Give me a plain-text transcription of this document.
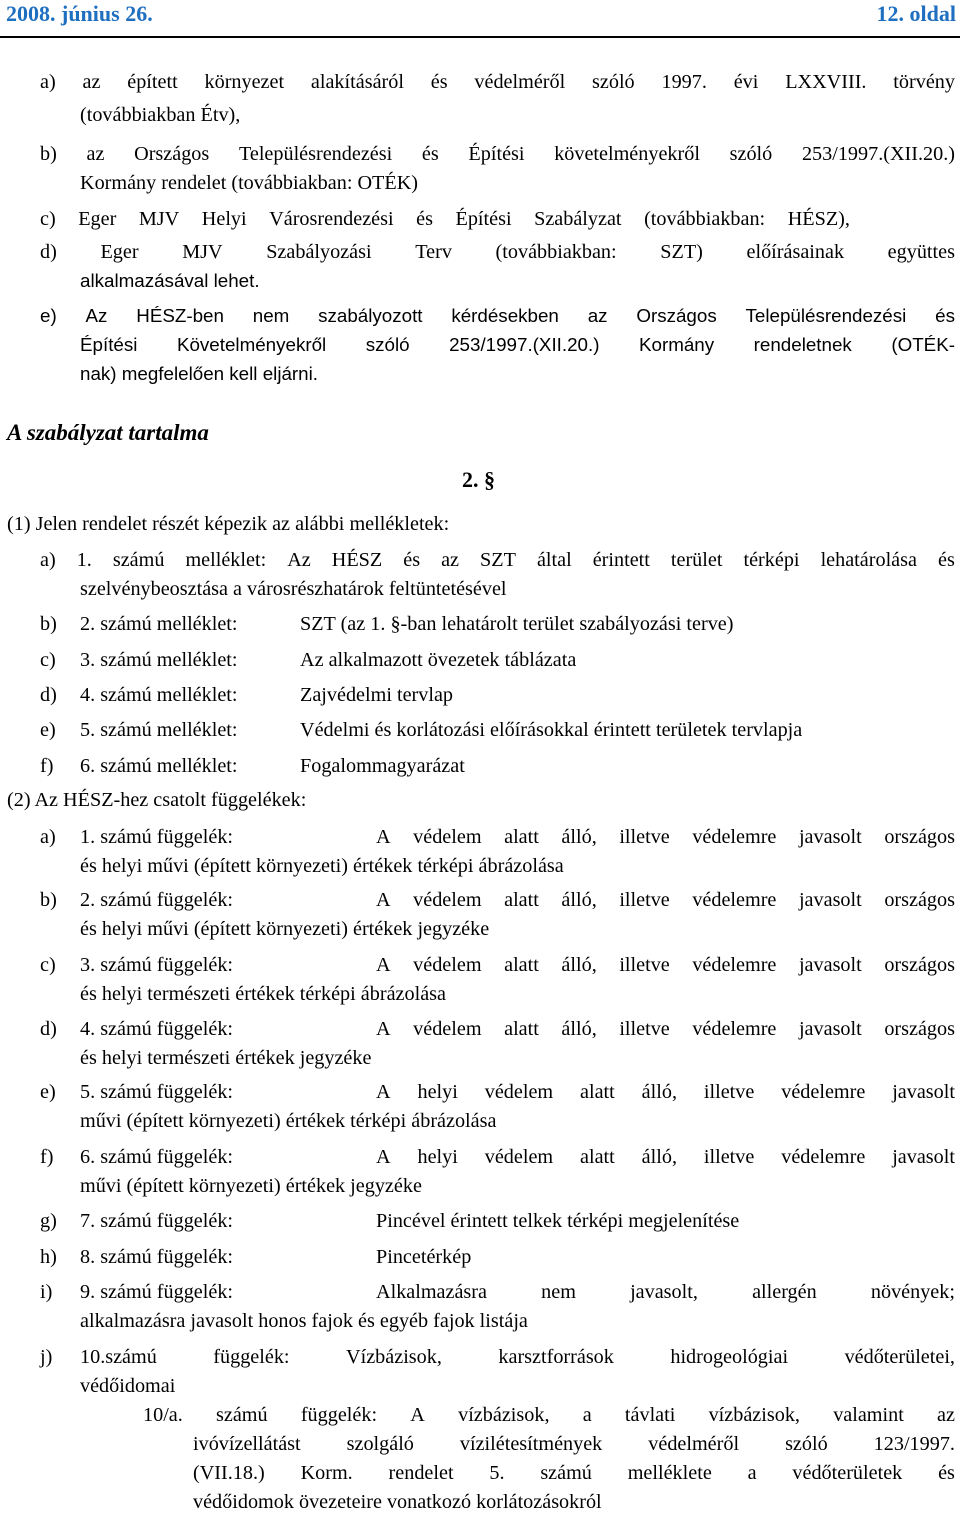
2008. június 26.	12. oldal
a) az épített környezet alakításáról és védelméről szóló 1997. évi LXXVIII. törvény
(továbbiakban Étv),
b) az Országos Településrendezési és Építési követelményekről szóló 253/1997.(XII.20.)
Kormány rendelet (továbbiakban: OTÉK)
c) Eger MJV Helyi Városrendezési és Építési Szabályzat (továbbiakban: HÉSZ),
d) Eger MJV Szabályozási Terv (továbbiakban: SZT) előírásainak együttes
alkalmazásával lehet.
e) Az HÉSZ-ben nem szabályozott kérdésekben az Országos Településrendezési és
Építési Követelményekről szóló 253/1997.(XII.20.) Kormány rendeletnek (OTÉK-
nak) megfelelően kell eljárni.
A szabályzat tartalma
2. §
(1) Jelen rendelet részét képezik az alábbi mellékletek:
a) 1. számú melléklet: Az HÉSZ és az SZT által érintett terület térképi lehatárolása és
szelvénybeosztása a városrészhatárok feltüntetésével
b) 2. számú melléklet:	SZT (az 1. §-ban lehatárolt terület szabályozási terve)
c) 3. számú melléklet:	Az alkalmazott övezetek táblázata
d) 4. számú melléklet:	Zajvédelmi tervlap
e) 5. számú melléklet:	Védelmi és korlátozási előírásokkal érintett területek tervlapja
f) 6. számú melléklet:	Fogalommagyarázat
(2) Az HÉSZ-hez csatolt függelékek:
a) 1. számú függelék:	A védelem alatt álló, illetve védelemre javasolt országos
és helyi művi (épített környezeti) értékek térképi ábrázolása
b) 2. számú függelék:	A védelem alatt álló, illetve védelemre javasolt országos
és helyi művi (épített környezeti) értékek jegyzéke
c) 3. számú függelék:	A védelem alatt álló, illetve védelemre javasolt országos
és helyi természeti értékek térképi ábrázolása
d) 4. számú függelék:	A védelem alatt álló, illetve védelemre javasolt országos
és helyi természeti értékek jegyzéke
e) 5. számú függelék:	A helyi védelem alatt álló, illetve védelemre javasolt
művi (épített környezeti) értékek térképi ábrázolása
f) 6. számú függelék:	A helyi védelem alatt álló, illetve védelemre javasolt
művi (épített környezeti) értékek jegyzéke
g) 7. számú függelék:	Pincével érintett telkek térképi megjelenítése
h) 8. számú függelék:	Pincetérkép
i) 9. számú függelék:	Alkalmazásra	nem	javasolt,	allergén	növények;
alkalmazásra javasolt honos fajok és egyéb fajok listája
j) 10.számú	függelék:	Vízbázisok,	karsztforrások	hidrogeológiai	védőterületei,
védőidomai
10/a. számú függelék: A vízbázisok, a távlati vízbázisok, valamint az
ivóvízellátást szolgáló vízilétesítmények védelméről szóló 123/1997.
(VII.18.) Korm. rendelet 5. számú melléklete a védőterületek és
védőidomok övezeteire vonatkozó korlátozásokról
